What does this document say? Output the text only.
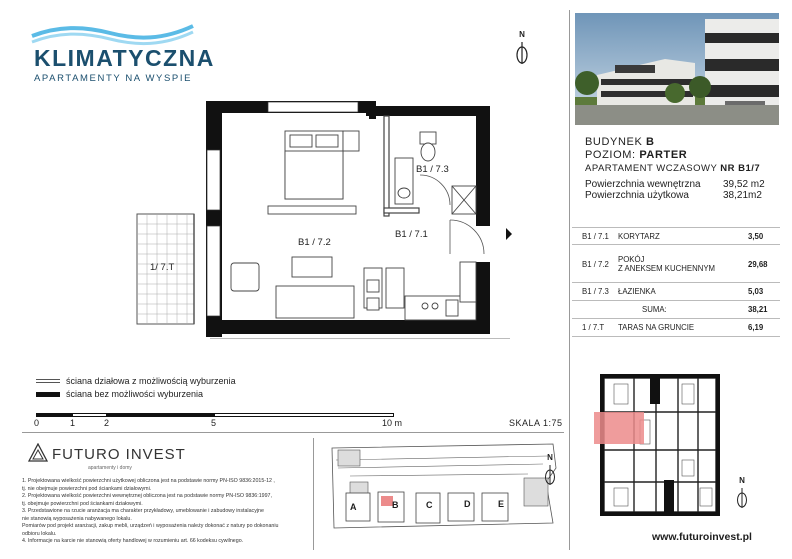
KLIMATYCZNA
APARTAMENTY NA WYSPIE
N
1/ 7.T
B1 / 7.2
B1 / 7.1
B1 / 7.3
ściana działowa z możliwością wyburzenia
ściana bez możliwości wyburzenia
0	1	2	5	10 m	SKALA 1:75
FUTURO INVEST
apartamenty i domy

1. Projektowana wielkość powierzchni użytkowej obliczona jest na podstawie normy PN-ISO 9836:2015-12 ,

tj. nie obejmuje powierzchni pod ściankami działowymi.

2. Projektowana wielkość powierzchni wewnętrznej obliczona jest na podstawie normy PN-ISO 9836:1997,

tj. obejmuje powierzchni pod ściankami działowymi.

3. Przedstawione na rzucie aranżacja ma charakter przykładowy, umeblowanie i zabudowy instalacyjne

nie stanowią wyposażenia nabywanego lokalu.

Pomiarów pod projekt aranżacji, zakup mebli, urządzeń i wyposażenia należy dokonać z natury po dokonaniu

odbioru lokalu.

4. Informacje na karcie nie stanowią oferty handlowej w rozumieniu art. 66 kodeksu cywilnego.

A	B	C	D	E
N
BUDYNEK B
POZIOM: PARTER
APARTAMENT WCZASOWY NR B1/7
Powierzchnia wewnętrzna	39,52 m2
Powierzchnia użytkowa	38,21m2
B1 / 7.1	KORYTARZ	3,50
B1 / 7.2	POKÓJ
Z ANEKSEM KUCHENNYM	29,68
B1 / 7.3	ŁAZIENKA	5,03
SUMA:	38,21
1 / 7.T	TARAS NA GRUNCIE	6,19
N
www.futuroinvest.pl
